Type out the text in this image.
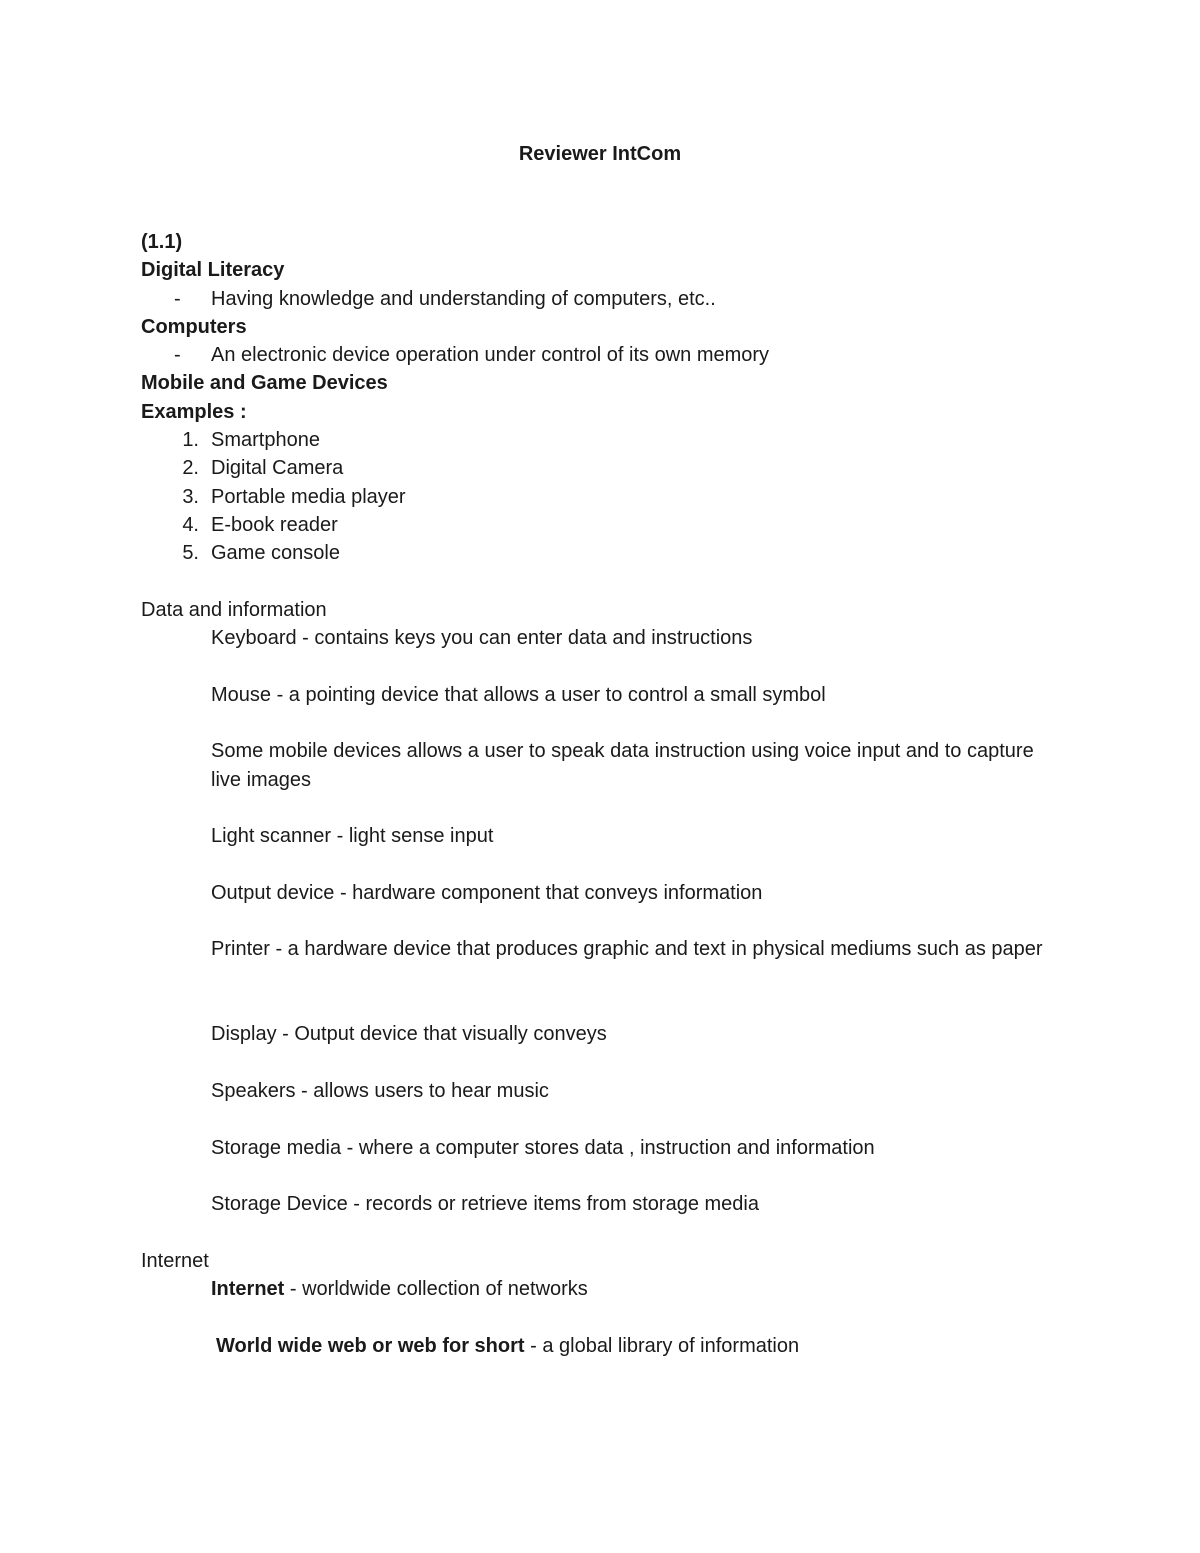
Reviewer IntCom
(1.1)
Digital Literacy
- Having knowledge and understanding of computers, etc..
Computers
- An electronic device operation under control of its own memory
Mobile and Game Devices
Examples :
1. Smartphone
2. Digital Camera
3. Portable media player
4. E-book reader
5. Game console
Data and information
Keyboard - contains keys you can enter data and instructions
Mouse - a pointing device that allows a user to control a small symbol
Some mobile devices allows a user to speak data instruction using voice input and to capture live images
Light scanner - light sense input
Output device - hardware component that conveys information
Printer - a hardware device that produces graphic and text in physical mediums such as paper
Display - Output device that visually conveys
Speakers - allows users to hear music
Storage media - where a computer stores data , instruction and information
Storage Device - records or retrieve items from storage media
Internet
Internet - worldwide collection of networks
World wide web or web for short - a global library of information
